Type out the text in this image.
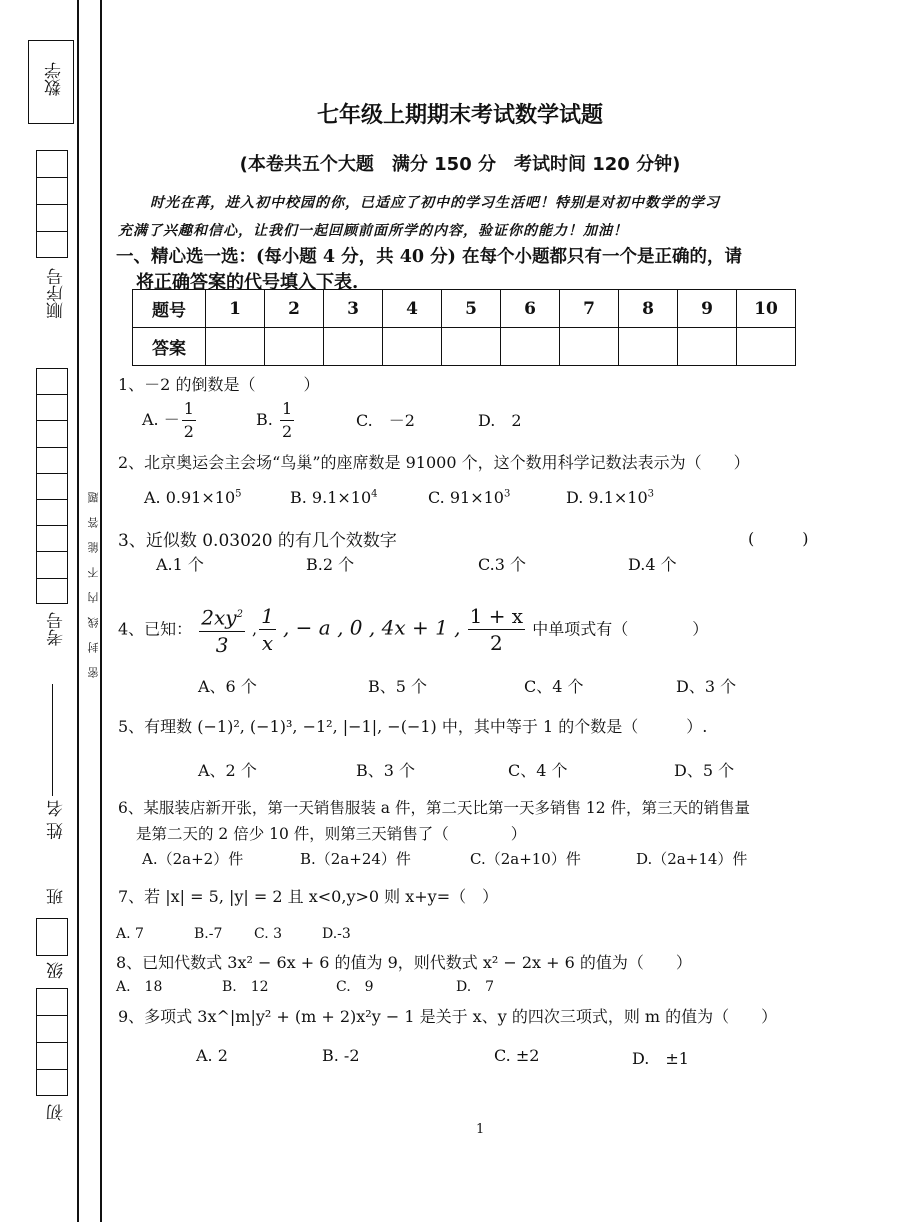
数学
顺序号
考号 密封线内不能答题
姓 名
班
级
初
七年级上期期末考试数学试题
(本卷共五个大题　满分 150 分　考试时间 120 分钟)
时光在苒，进入初中校园的你，已适应了初中的学习生活吧！特别是对初中数学的学习
充满了兴趣和信心，让我们一起回顾前面所学的内容，验证你的能力！加油！
一、精心选一选：(每小题 4 分，共 40 分) 在每个小题都只有一个是正确的，请
将正确答案的代号填入下表.
题号	1	2	3	4	5	6	7	8	9	10
答案										
1、－2 的倒数是（　　　）
A. － $\frac{1}{2}$	B. $\frac{1}{2}$	C.　－2	D.　2
2、北京奥运会主会场“鸟巢”的座席数是 91000 个，这个数用科学记数法表示为（　　）
A. $0.91\times 10^5$	B. $9.1\times 10^4$	C. $91\times 10^3$	D. $9.1\times 10^3$
3、近似数 0.03020 的有几个效数字	(　　　)
A.1 个	B.2 个	C.3 个	D.4 个
4、已知： $\frac{2xy^2}{3}$ , $\frac{1}{x}$ , − a , 0 , 4x + 1 , $\frac{1 + x}{2}$ 中单项式有（　　　　）
A、6 个	B、5 个	C、4 个	D、3 个
5、有理数 (−1)², (−1)³, −1², |−1|, −(−1) 中，其中等于 1 的个数是（　　　）.
A、2 个	B、3 个	C、4 个	D、5 个
6、某服装店新开张，第一天销售服装 a 件，第二天比第一天多销售 12 件，第三天的销售量
是第二天的 2 倍少 10 件，则第三天销售了（　　　　）
A.（2a+2）件	B.（2a+24）件	C.（2a+10）件	D.（2a+14）件
7、若 |x| = 5, |y| = 2 且 x<0,y>0 则 x+y=（　）
A. 7	B.-7 C. 3	D.-3
8、已知代数式 3x² − 6x + 6 的值为 9，则代数式 x² − 2x + 6 的值为（　　）
A.　18	B.　12	C.　9	D.　7
9、多项式 3x^|m|y² + (m + 2)x²y − 1 是关于 x、y 的四次三项式，则 m 的值为（　　）
A. 2	B. -2	C. ±2	D.　±1
1
